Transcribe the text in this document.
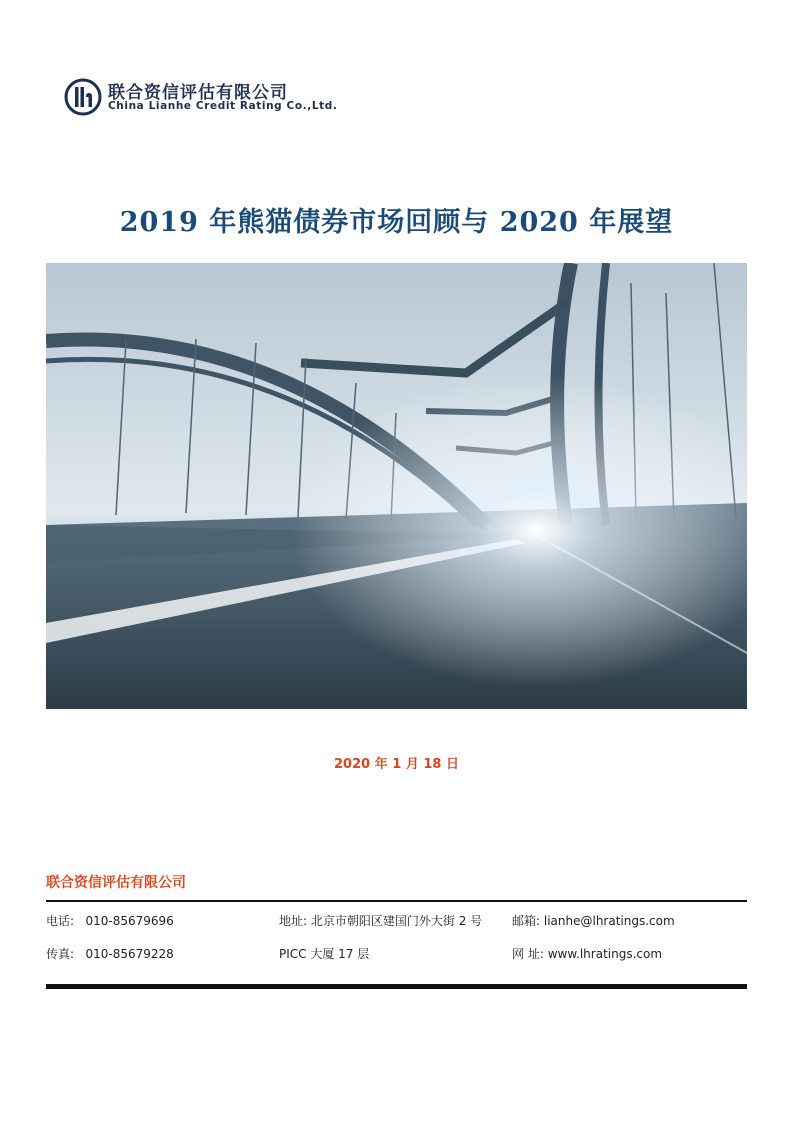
联合资信评估有限公司
China Lianhe Credit Rating Co.,Ltd.
2019 年熊猫债券市场回顾与 2020 年展望
2020 年 1 月 18 日
联合资信评估有限公司
电话: 010-85679696
传真: 010-85679228
地址: 北京市朝阳区建国门外大街 2 号
PICC 大厦 17 层
邮箱: lianhe@lhratings.com
网 址: www.lhratings.com
